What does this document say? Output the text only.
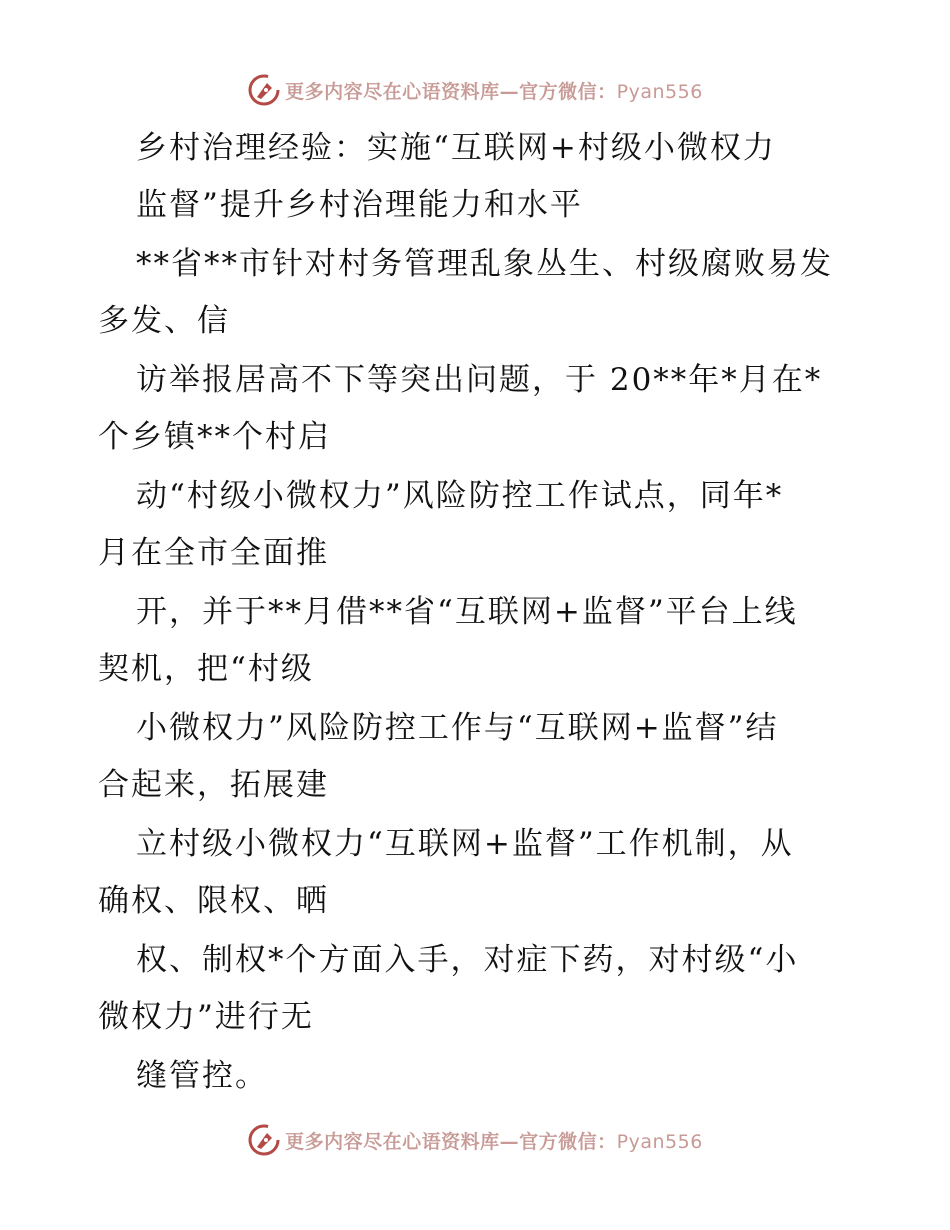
更多内容尽在心语资料库—官方微信：Pyan556
乡村治理经验：实施“互联网+村级小微权力
监督”提升乡村治理能力和水平
**省**市针对村务管理乱象丛生、村级腐败易发
多发、信
访举报居高不下等突出问题，于 20**年*月在*
个乡镇**个村启
动“村级小微权力”风险防控工作试点，同年*
月在全市全面推
开，并于**月借**省“互联网+监督”平台上线
契机，把“村级
小微权力”风险防控工作与“互联网+监督”结
合起来，拓展建
立村级小微权力“互联网+监督”工作机制，从
确权、限权、晒
权、制权*个方面入手，对症下药，对村级“小
微权力”进行无
缝管控。
更多内容尽在心语资料库—官方微信：Pyan556
